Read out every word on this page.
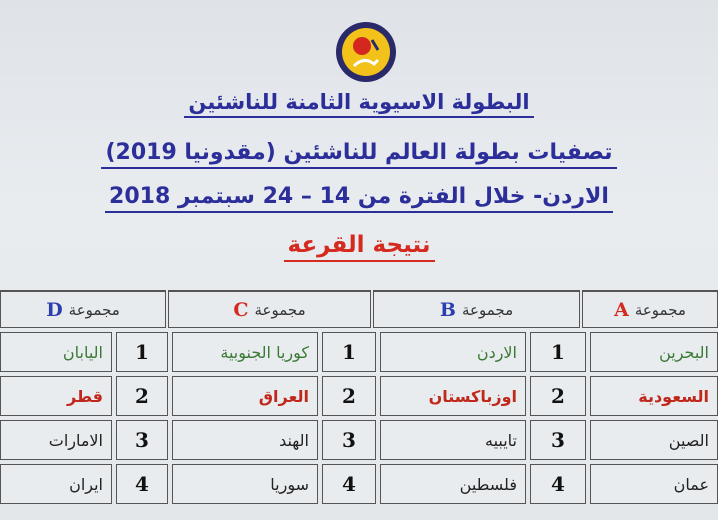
البطولة الاسيوية الثامنة للناشئين
تصفيات بطولة العالم للناشئين (مقدونيا 2019)
الاردن- خلال الفترة من 14 – 24 سبتمبر 2018
نتيجة القرعة
مجموعة
A
مجموعة
B
مجموعة
C
مجموعة
D
البحرين
1
الاردن
1
كوريا الجنوبية
1
اليابان
السعودية
2
اوزباكستان
2
العراق
2
قطر
الصين
3
تايبيه
3
الهند
3
الامارات
عمان
4
فلسطين
4
سوريا
4
ايران
